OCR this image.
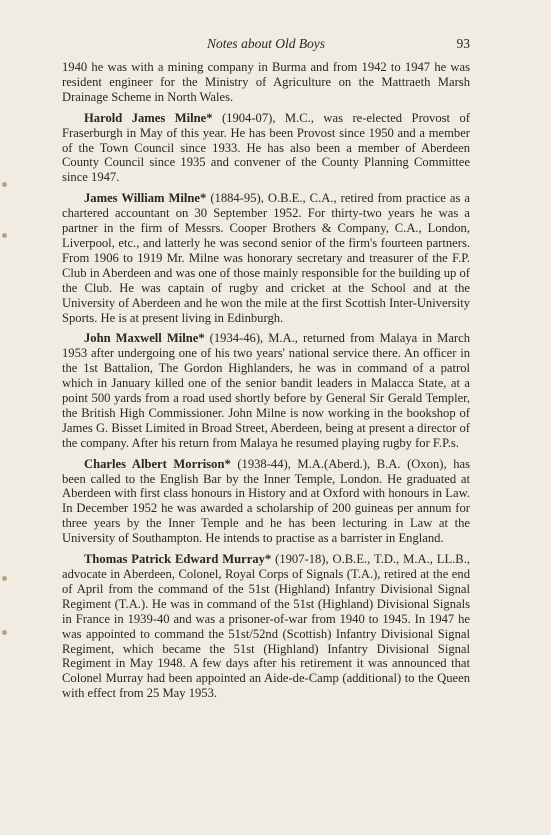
Notes about Old Boys	93

1940 he was with a mining company in Burma and from 1942 to 1947 he was resident engineer for the Ministry of Agriculture on the Mattraeth Marsh Drainage Scheme in North Wales.

Harold James Milne* (1904-07), M.C., was re-elected Provost of Fraserburgh in May of this year. He has been Provost since 1950 and a member of the Town Council since 1933. He has also been a member of Aberdeen County Council since 1935 and convener of the County Planning Committee since 1947.

James William Milne* (1884-95), O.B.E., C.A., retired from practice as a chartered accountant on 30 September 1952. For thirty-two years he was a partner in the firm of Messrs. Cooper Brothers & Company, C.A., London, Liverpool, etc., and latterly he was second senior of the firm's fourteen partners. From 1906 to 1919 Mr. Milne was honorary secretary and treasurer of the F.P. Club in Aberdeen and was one of those mainly responsible for the building up of the Club. He was captain of rugby and cricket at the School and at the University of Aberdeen and he won the mile at the first Scottish Inter-University Sports. He is at present living in Edinburgh.

John Maxwell Milne* (1934-46), M.A., returned from Malaya in March 1953 after undergoing one of his two years' national service there. An officer in the 1st Battalion, The Gordon Highlanders, he was in command of a patrol which in January killed one of the senior bandit leaders in Malacca State, at a point 500 yards from a road used shortly before by General Sir Gerald Templer, the British High Commissioner. John Milne is now working in the bookshop of James G. Bisset Limited in Broad Street, Aberdeen, being at present a director of the company. After his return from Malaya he resumed playing rugby for F.P.s.

Charles Albert Morrison* (1938-44), M.A.(Aberd.), B.A. (Oxon), has been called to the English Bar by the Inner Temple, London. He graduated at Aberdeen with first class honours in History and at Oxford with honours in Law. In December 1952 he was awarded a scholarship of 200 guineas per annum for three years by the Inner Temple and he has been lecturing in Law at the University of Southampton. He intends to practise as a barrister in England.

Thomas Patrick Edward Murray* (1907-18), O.B.E., T.D., M.A., LL.B., advocate in Aberdeen, Colonel, Royal Corps of Signals (T.A.), retired at the end of April from the command of the 51st (Highland) Infantry Divisional Signal Regiment (T.A.). He was in command of the 51st (Highland) Divisional Signals in France in 1939-40 and was a prisoner-of-war from 1940 to 1945. In 1947 he was appointed to command the 51st/52nd (Scottish) Infantry Divisional Signal Regiment, which became the 51st (Highland) Infantry Divisional Signal Regiment in May 1948. A few days after his retirement it was announced that Colonel Murray had been appointed an Aide-de-Camp (additional) to the Queen with effect from 25 May 1953.
